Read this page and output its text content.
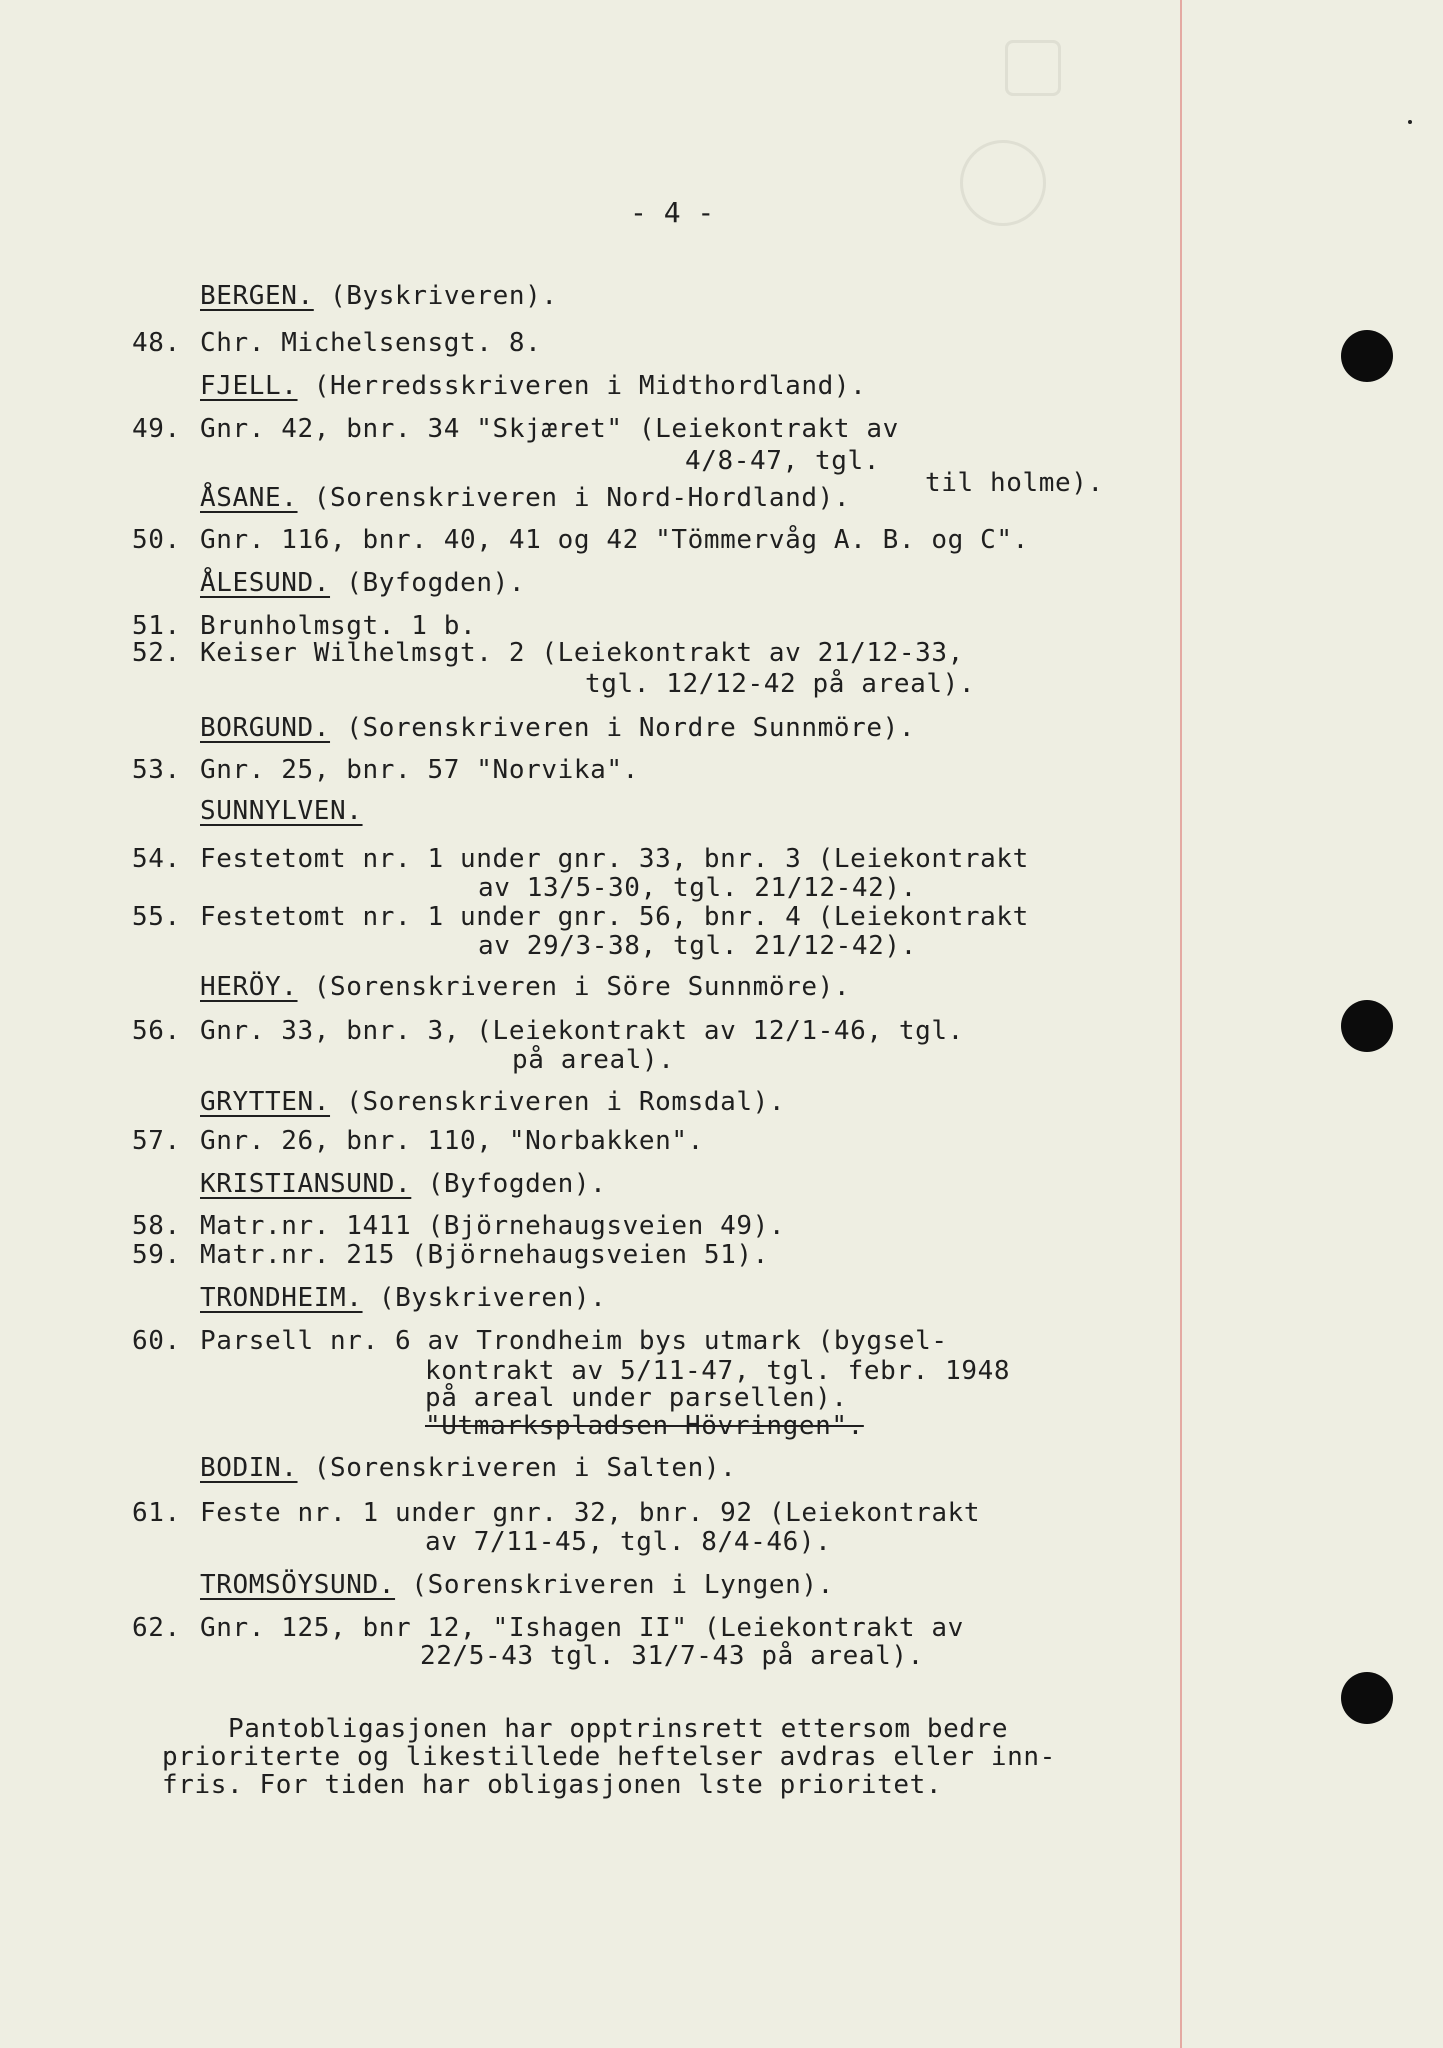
- 4 -
BERGEN. (Byskriveren).
48. Chr. Michelsensgt. 8.
FJELL. (Herredsskriveren i Midthordland).
49. Gnr. 42, bnr. 34 "Skjæret" (Leiekontrakt av
4/8-47, tgl.
til holme).
ÅSANE. (Sorenskriveren i Nord-Hordland).
50. Gnr. 116, bnr. 40, 41 og 42 "Tömmervåg A. B. og C".
ÅLESUND. (Byfogden).
51. Brunholmsgt. 1 b.
52. Keiser Wilhelmsgt. 2 (Leiekontrakt av 21/12-33,
tgl. 12/12-42 på areal).
BORGUND. (Sorenskriveren i Nordre Sunnmöre).
53. Gnr. 25, bnr. 57 "Norvika".
SUNNYLVEN.
54. Festetomt nr. 1 under gnr. 33, bnr. 3 (Leiekontrakt
av 13/5-30, tgl. 21/12-42).
55. Festetomt nr. 1 under gnr. 56, bnr. 4 (Leiekontrakt
av 29/3-38, tgl. 21/12-42).
HERÖY. (Sorenskriveren i Söre Sunnmöre).
56. Gnr. 33, bnr. 3, (Leiekontrakt av 12/1-46, tgl.
på areal).
GRYTTEN. (Sorenskriveren i Romsdal).
57. Gnr. 26, bnr. 110, "Norbakken".
KRISTIANSUND. (Byfogden).
58. Matr.nr. 1411 (Björnehaugsveien 49).
59. Matr.nr. 215 (Björnehaugsveien 51).
TRONDHEIM. (Byskriveren).
60. Parsell nr. 6 av Trondheim bys utmark (bygsel-
kontrakt av 5/11-47, tgl. febr. 1948
på areal under parsellen).
"Utmarkspladsen Hövringen".
BODIN. (Sorenskriveren i Salten).
61. Feste nr. 1 under gnr. 32, bnr. 92 (Leiekontrakt
av 7/11-45, tgl. 8/4-46).
TROMSÖYSUND. (Sorenskriveren i Lyngen).
62. Gnr. 125, bnr 12, "Ishagen II" (Leiekontrakt av
22/5-43 tgl. 31/7-43 på areal).
Pantobligasjonen har opptrinsrett ettersom bedre
prioriterte og likestillede heftelser avdras eller inn-
fris. For tiden har obligasjonen lste prioritet.
